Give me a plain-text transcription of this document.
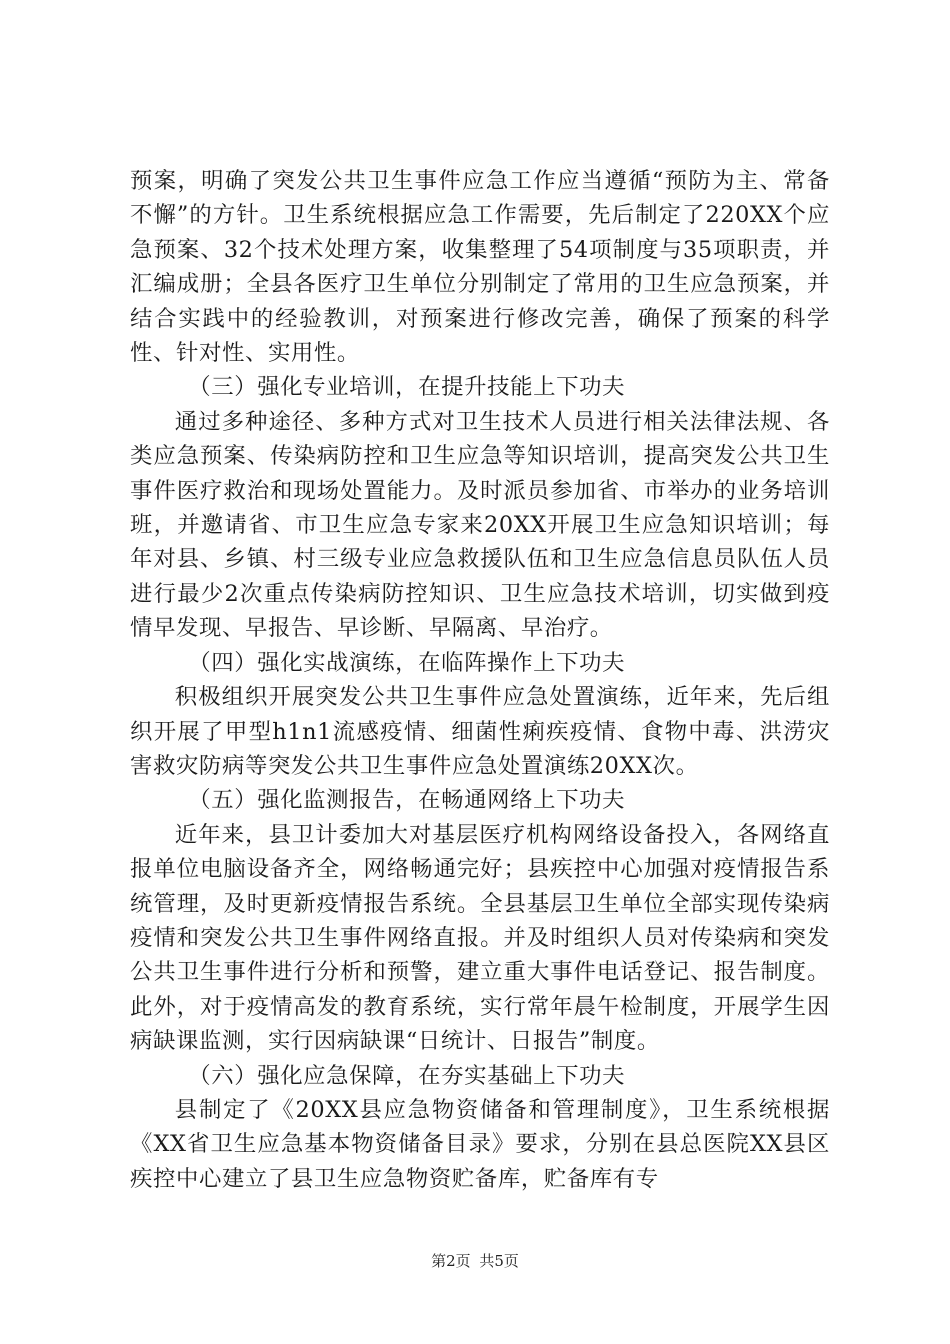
预案，明确了突发公共卫生事件应急工作应当遵循“预防为主、常备不懈”的方针。卫生系统根据应急工作需要，先后制定了220XX个应急预案、32个技术处理方案，收集整理了54项制度与35项职责，并汇编成册；全县各医疗卫生单位分别制定了常用的卫生应急预案，并结合实践中的经验教训，对预案进行修改完善，确保了预案的科学性、针对性、实用性。

（三）强化专业培训，在提升技能上下功夫

通过多种途径、多种方式对卫生技术人员进行相关法律法规、各类应急预案、传染病防控和卫生应急等知识培训，提高突发公共卫生事件医疗救治和现场处置能力。及时派员参加省、市举办的业务培训班，并邀请省、市卫生应急专家来20XX开展卫生应急知识培训；每年对县、乡镇、村三级专业应急救援队伍和卫生应急信息员队伍人员进行最少2次重点传染病防控知识、卫生应急技术培训，切实做到疫情早发现、早报告、早诊断、早隔离、早治疗。

（四）强化实战演练，在临阵操作上下功夫

积极组织开展突发公共卫生事件应急处置演练，近年来，先后组织开展了甲型h1n1流感疫情、细菌性痢疾疫情、食物中毒、洪涝灾害救灾防病等突发公共卫生事件应急处置演练20XX次。

（五）强化监测报告，在畅通网络上下功夫

近年来，县卫计委加大对基层医疗机构网络设备投入，各网络直报单位电脑设备齐全，网络畅通完好；县疾控中心加强对疫情报告系统管理，及时更新疫情报告系统。全县基层卫生单位全部实现传染病疫情和突发公共卫生事件网络直报。并及时组织人员对传染病和突发公共卫生事件进行分析和预警，建立重大事件电话登记、报告制度。此外，对于疫情高发的教育系统，实行常年晨午检制度，开展学生因病缺课监测，实行因病缺课“日统计、日报告”制度。

（六）强化应急保障，在夯实基础上下功夫

县制定了《20XX县应急物资储备和管理制度》，卫生系统根据《XX省卫生应急基本物资储备目录》要求，分别在县总医院XX县区疾控中心建立了县卫生应急物资贮备库，贮备库有专

第2页 共5页
